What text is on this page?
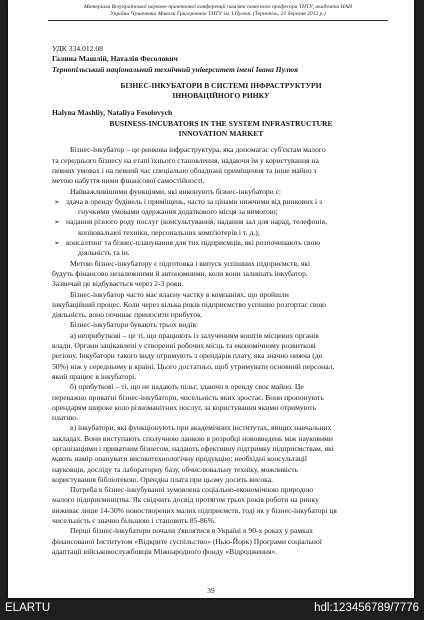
Матеріали Всеукраїнської науково-практичної конференції пам'яті почесного професора ТНТУ, академіка НАН
України Чумаченка Миколи Григоровича ТНТУ ім. І.Пулюя. (Тернопіль, 21 березня 2012 р.)
УДК 334.012.08
Галина Машлій, Наталія Фесолович
Тернопільський національний технічний університет імені Івана Пулюя
БІЗНЕС-ІНКУБАТОРИ В СИСТЕМІ ІНФРАСТРУКТУРИ
ІННОВАЦІЙНОГО РИНКУ
Halyna Mashliy, Nataliya Fesolovych
BUSINESS-INCUBATORS IN THE SYSTEM INFRASTRUCTURE
INNOVATION MARKET
Бізнес-інкубатор – це ринкова інфраструктура, яка допомагає суб'єктам малого
та середнього бізнесу на етапі їхнього становлення, надаючи їм у користування на
певних умовах і на певний час спеціально обладнані приміщення та інше майно з
метою набуття ними фінансової самостійності.
Найважливішими функціями, які виконують бізнес-інкубатори є:
➢ здача в оренду будівель і приміщень, часто за цінами нижчими від ринкових і з
гнучкими умовами одержання додаткового місця за вимогою;
➢ надання різного роду послуг (консультування, надання зал для нарад, телефонів,
копіювальної техніки, персональних комп'ютерів і т. д.);
➢ консалтинг та бізнес-планування для тих підприємців, які розпочинають свою
діяльність та ін.
Метою бізнес-інкубатору є підготовка і випуск успішних підприємств, які
будуть фінансово незалежними й автономними, коли вони залишать інкубатор.
Зазвичай це відбувається через 2-3 роки.
Бізнес-інкубатор часто має власну частку в компаніях, що пройшли
інкубаційний процес. Коли через кілька років підприємство успішно розгортає свою
діяльність, воно починає приносити прибуток.
Бізнес-інкубатори бувають трьох видів:
а) неприбуткові – це ті, що працюють із залученням коштів місцевих органів
влади. Органи зацікавлені у створенні робочих місць та економічному розвиткові
регіону. Інкубатори такого виду отримують з орендарів плату, яка значно нижча (до
50%) ніж у середньому в країні. Цього достатньо, щоб утримувати основний персонал,
який працює в інкубаторі.
б) прибуткові – ті, що не надають пільг, здаючи в оренду своє майно. Це
переважно приватні бізнес-інкубатори, чисельність яких зростає. Вони пропонують
орендарям широке коло різноманітних послуг, за користування якими отримують
платню.
в) інкубатори, які функціонують при академічних інститутах, вищих навчальних
закладах. Вони виступають сполучною ланкою в розробці нововведень між науковими
організаціями і приватним бізнесом, надають ефективну підтримку підприємствам, які
мають намір опанувати високотехнологічну продукцію: необхідні консультації
науковців, досліду та лабораторну базу, обчислювальну техніку, можливість
користування бібліотекою. Орендна плата при цьому досить висока.
Потреба в бізнес-інкубуванні зумовлена соціально-економічною природою
малого підприємництва. Як свідчить досвід протягом трьох років роботи на ринку
виживає лише 14-30% новостворених малих підприємств, тоді як у бізнес-інкубаторі ця
чисельність є значно більшою і становить 85-86%.
Перші бізнес-інкубатори почали з'являтися в Україні в 90-х роках у рамках
фінансованої Інститутом «Відкрите суспільство» (Нью-Йорк) Програми соціальної
адаптації військовослужбовців Міжнародного фонду «Відродження».
39
ELARTU	hdl:123456789/7776
